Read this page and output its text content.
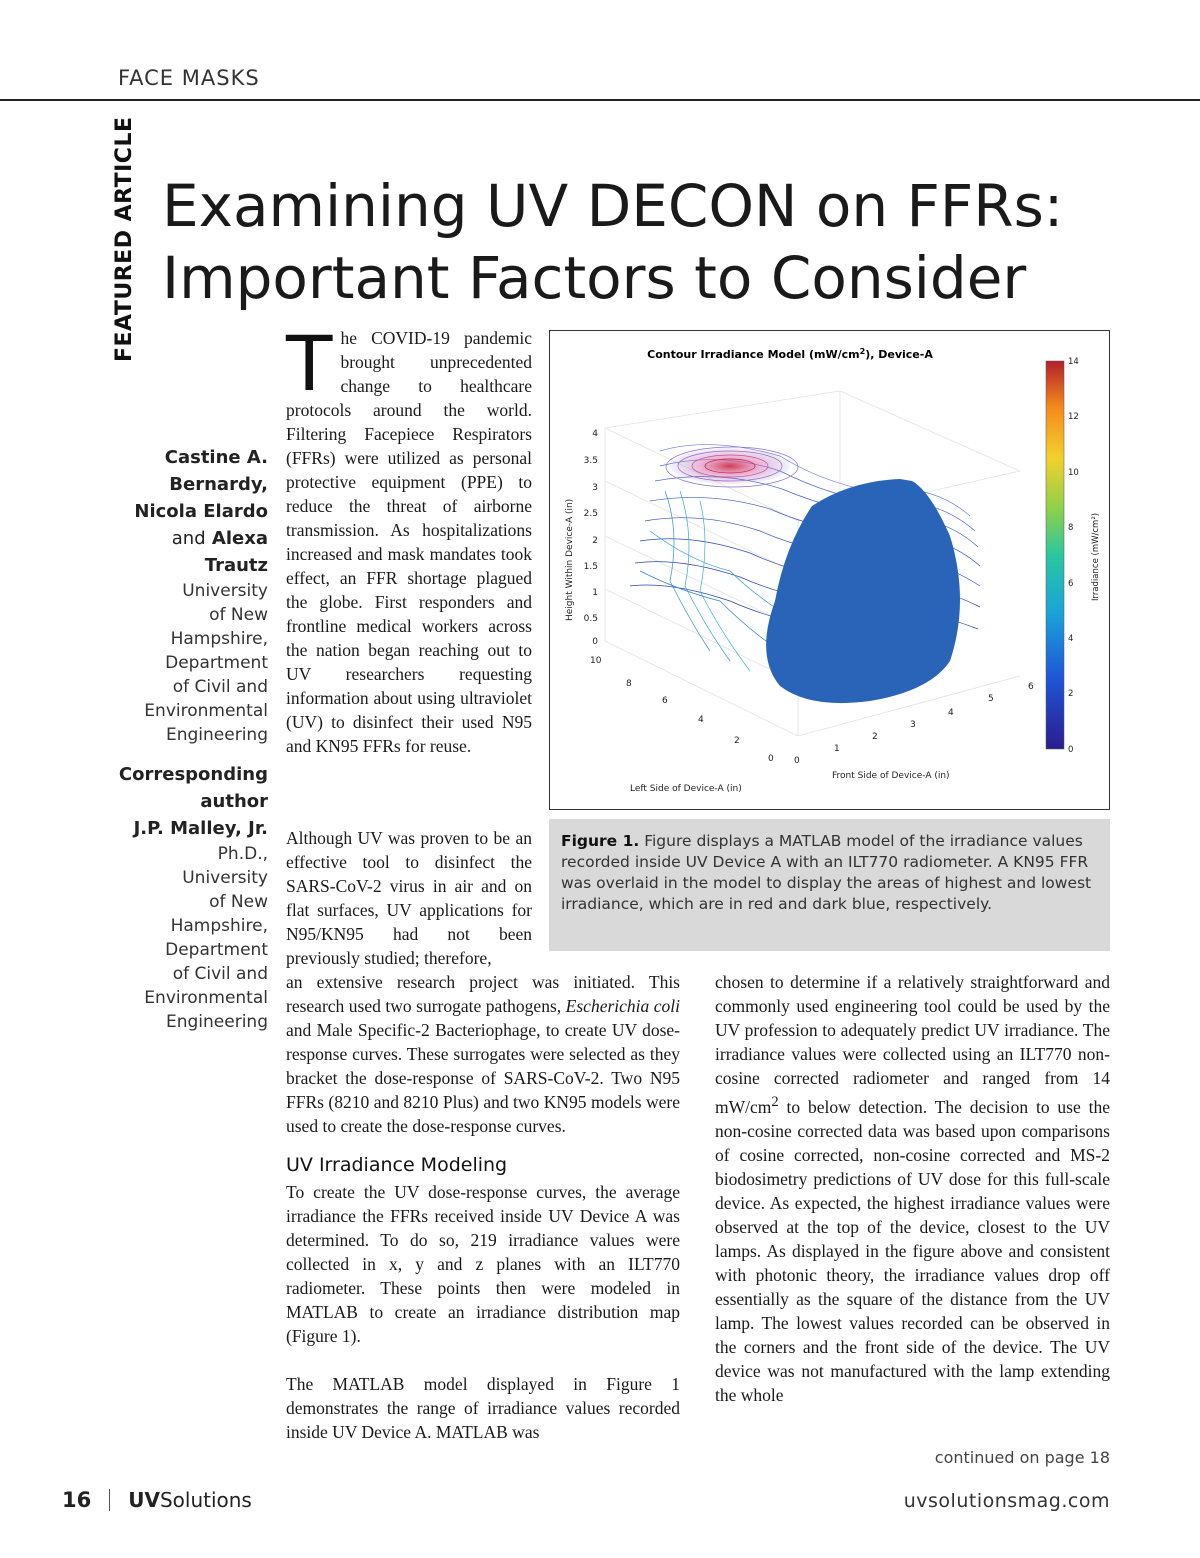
FACE MASKS
FEATURED ARTICLE Examining UV DECON on FFRs:
Important Factors to Consider
Castine A.
Bernardy,
Nicola Elardo
and Alexa
Trautz
University
of New
Hampshire,
Department
of Civil and
Environmental
Engineering
Corresponding
author
J.P. Malley, Jr.
Ph.D.,
University
of New
Hampshire,
Department
of Civil and
Environmental
Engineering

The COVID-19 pandemic brought unprecedented change to healthcare protocols around the world. Filtering Facepiece Respirators (FFRs) were utilized as personal protective equipment (PPE) to reduce the threat of airborne transmission. As hospitalizations increased and mask mandates took effect, an FFR shortage plagued the globe. First responders and frontline medical workers across the nation began reaching out to UV researchers requesting information about using ultraviolet (UV) to disinfect their used N95 and KN95 FFRs for reuse.

Although UV was proven to be an effective tool to disinfect the SARS-CoV-2 virus in air and on flat surfaces, UV applications for N95/KN95 had not been previously studied; therefore,

an extensive research project was initiated. This research used two surrogate pathogens, Escherichia coli and Male Specific-2 Bacteriophage, to create UV dose-response curves. These surrogates were selected as they bracket the dose-response of SARS-CoV-2. Two N95 FFRs (8210 and 8210 Plus) and two KN95 models were used to create the dose-response curves.

UV Irradiance Modeling

To create the UV dose-response curves, the average irradiance the FFRs received inside UV Device A was determined. To do so, 219 irradiance values were collected in x, y and z planes with an ILT770 radiometer. These points then were modeled in MATLAB to create an irradiance distribution map (Figure 1).

The MATLAB model displayed in Figure 1 demonstrates the range of irradiance values recorded inside UV Device A. MATLAB was

chosen to determine if a relatively straightforward and commonly used engineering tool could be used by the UV profession to adequately predict UV irradiance. The irradiance values were collected using an ILT770 non-cosine corrected radiometer and ranged from 14 $mW/cm^2$ to below detection. The decision to use the non-cosine corrected data was based upon comparisons of cosine corrected, non-cosine corrected and MS-2 biodosimetry predictions of UV dose for this full-scale device. As expected, the highest irradiance values were observed at the top of the device, closest to the UV lamps. As displayed in the figure above and consistent with photonic theory, the irradiance values drop off essentially as the square of the distance from the UV lamp. The lowest values recorded can be observed in the corners and the front side of the device. The UV device was not manufactured with the lamp extending the whole

Contour Irradiance Model $(mW/cm^2)$, Device-A
0
0.5
1
1.5
2
2.5
3
3.5
4
Height Within Device-A (in)
10
8
6
4
2
0
Left Side of Device-A (in)
0
1
2
3
4
5
6
Front Side of Device-A (in)
0
2
4
6
8
10
12
14
Irradiance (mW/cm²)
Figure 1. Figure displays a MATLAB model of the irradiance values recorded inside UV Device A with an ILT770 radiometer. A KN95 FFR was overlaid in the model to display the areas of highest and lowest irradiance, which are in red and dark blue, respectively.
continued on page 18
16 UVSolutions	uvsolutionsmag.com
